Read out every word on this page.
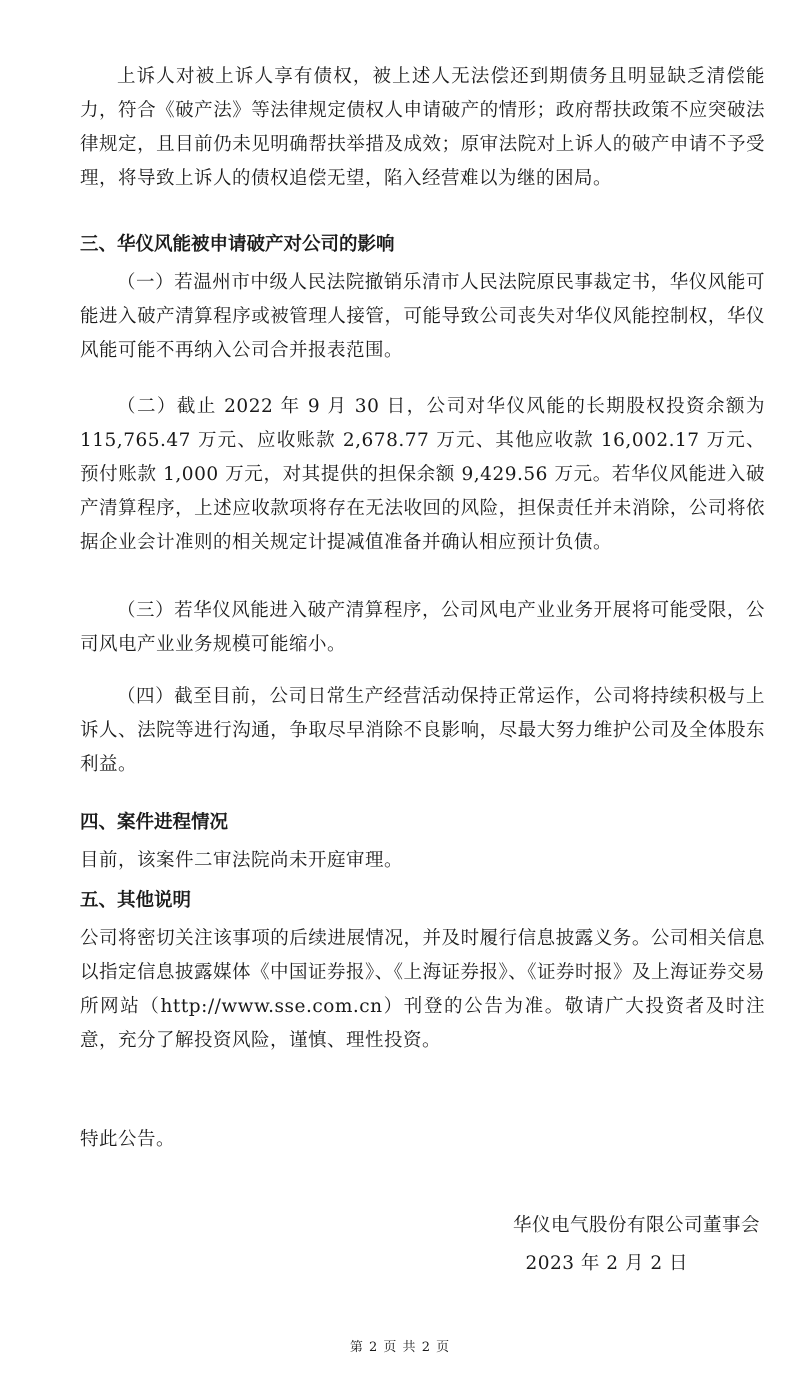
上诉人对被上诉人享有债权，被上述人无法偿还到期债务且明显缺乏清偿能力，符合《破产法》等法律规定债权人申请破产的情形；政府帮扶政策不应突破法律规定，且目前仍未见明确帮扶举措及成效；原审法院对上诉人的破产申请不予受理，将导致上诉人的债权追偿无望，陷入经营难以为继的困局。

三、华仪风能被申请破产对公司的影响

（一）若温州市中级人民法院撤销乐清市人民法院原民事裁定书，华仪风能可能进入破产清算程序或被管理人接管，可能导致公司丧失对华仪风能控制权，华仪风能可能不再纳入公司合并报表范围。

（二）截止 2022 年 9 月 30 日，公司对华仪风能的长期股权投资余额为 115,765.47 万元、应收账款 2,678.77 万元、其他应收款 16,002.17 万元、预付账款 1,000 万元，对其提供的担保余额 9,429.56 万元。若华仪风能进入破产清算程序，上述应收款项将存在无法收回的风险，担保责任并未消除，公司将依据企业会计准则的相关规定计提减值准备并确认相应预计负债。

（三）若华仪风能进入破产清算程序，公司风电产业业务开展将可能受限，公司风电产业业务规模可能缩小。

（四）截至目前，公司日常生产经营活动保持正常运作，公司将持续积极与上诉人、法院等进行沟通，争取尽早消除不良影响，尽最大努力维护公司及全体股东利益。

四、案件进程情况

目前，该案件二审法院尚未开庭审理。

五、其他说明

公司将密切关注该事项的后续进展情况，并及时履行信息披露义务。公司相关信息以指定信息披露媒体《中国证券报》、《上海证券报》、《证券时报》及上海证券交易所网站（http://www.sse.com.cn）刊登的公告为准。敬请广大投资者及时注意，充分了解投资风险，谨慎、理性投资。

特此公告。

华仪电气股份有限公司董事会

2023 年 2 月 2 日

第 2 页 共 2 页
